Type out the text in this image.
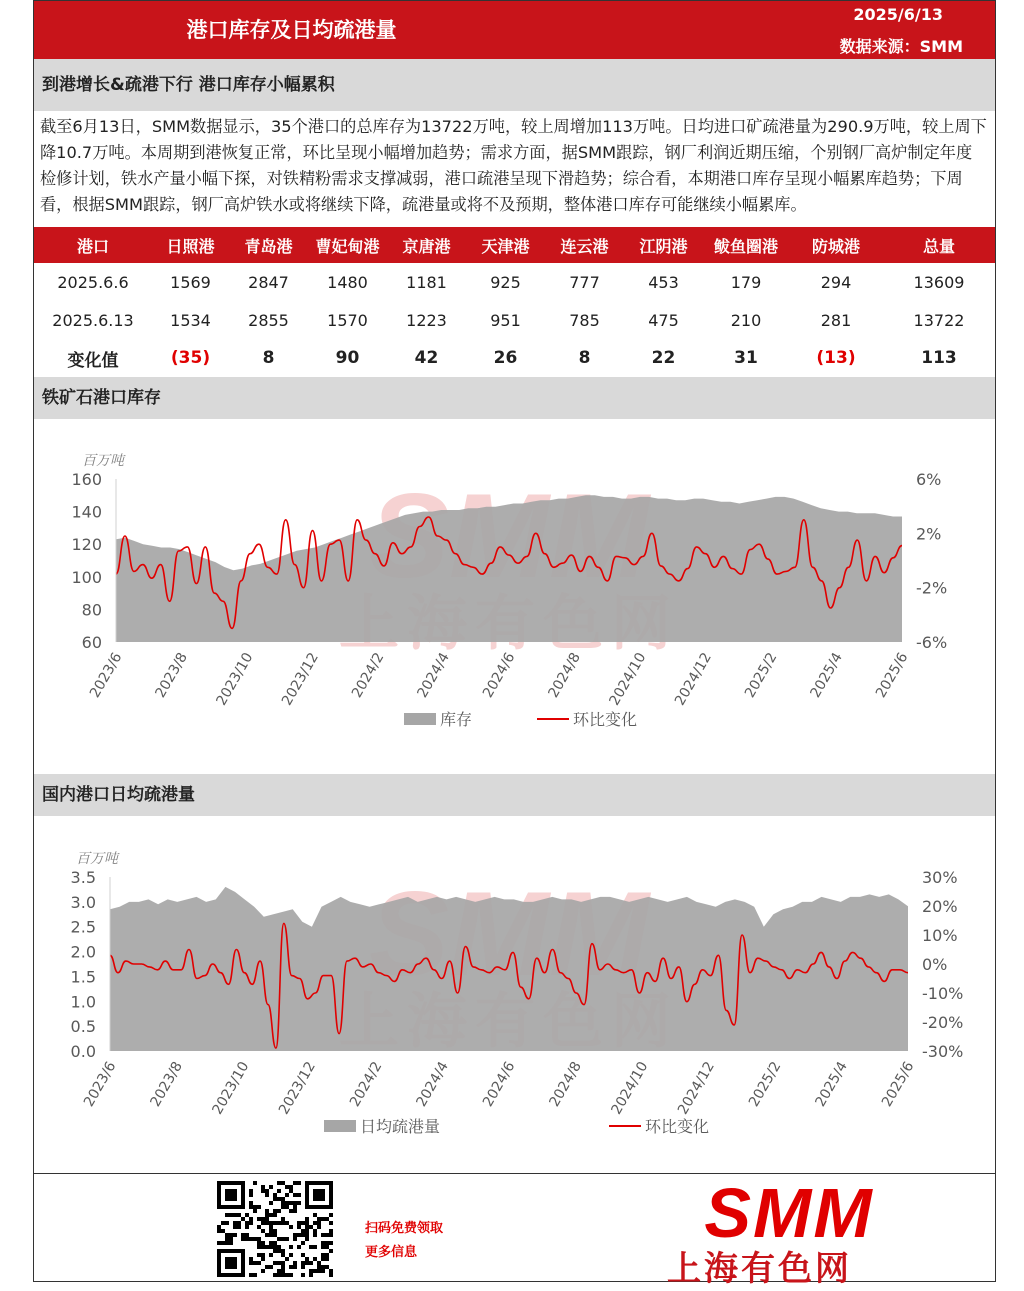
港口库存及日均疏港量
2025/6/13
数据来源：SMM
到港增长&疏港下行 港口库存小幅累积
截至6月13日，SMM数据显示，35个港口的总库存为13722万吨，较上周增加113万吨。日均进口矿疏港量为290.9万吨，较上周下降10.7万吨。本周期到港恢复正常，环比呈现小幅增加趋势；需求方面，据SMM跟踪，钢厂利润近期压缩，个别钢厂高炉制定年度检修计划，铁水产量小幅下探，对铁精粉需求支撑减弱，港口疏港呈现下滑趋势；综合看，本期港口库存呈现小幅累库趋势；下周看，根据SMM跟踪，钢厂高炉铁水或将继续下降，疏港量或将不及预期，整体港口库存可能继续小幅累库。
港口	日照港	青岛港	曹妃甸港	京唐港	天津港	连云港	江阴港	鲅鱼圈港	防城港	总量
2025.6.6	1569	2847	1480	1181	925	777	453	179	294	13609
2025.6.13	1534	2855	1570	1223	951	785	475	210	281	13722
变化值	(35)	8	90	42	26	8	22	31	(13)	113
铁矿石港口库存
160
140
120
100
80
60
百万吨
6%
2%
-2%
-6%
2023/6 2023/8 2023/10 2023/12 2024/2 2024/4 2024/6 2024/8 2024/10 2024/12 2025/2 2025/4 2025/6
库存	环比变化
国内港口日均疏港量
3.5
3.0
2.5
2.0
1.5
1.0
0.5
0.0
百万吨
30%
20%
10%
0%
-10%
-20%
-30%
2023/6 2023/8 2023/10 2023/12 2024/2 2024/4 2024/6 2024/8 2024/10 2024/12 2025/2 2025/4 2025/6
日均疏港量	环比变化
扫码免费领取
更多信息
SMM
上海有色网
